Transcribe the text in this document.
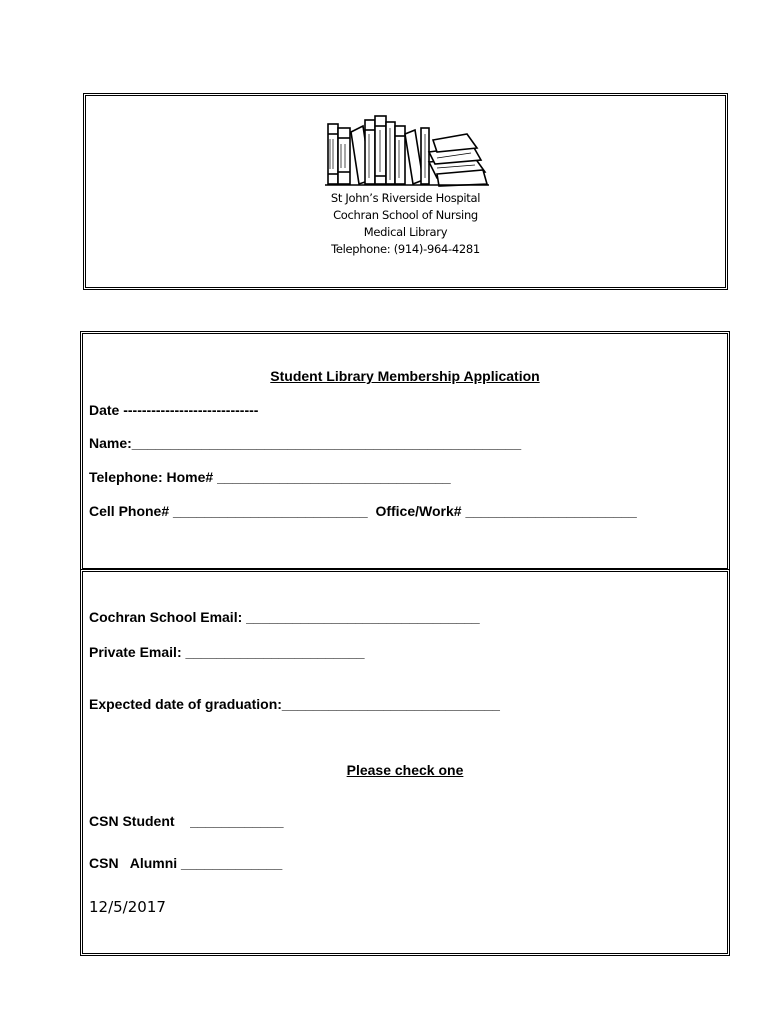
St John’s Riverside Hospital
Cochran School of Nursing
Medical Library
Telephone: (914)-964-4281
Student Library Membership Application
Date -----------------------------
Name:__________________________________________________
Telephone: Home# ______________________________
Cell Phone# _________________________  Office/Work# ______________________
Cochran School Email: ______________________________
Private Email: _______________________
Expected date of graduation:____________________________
Please check one
CSN Student    ____________
CSN   Alumni _____________
12/5/2017
